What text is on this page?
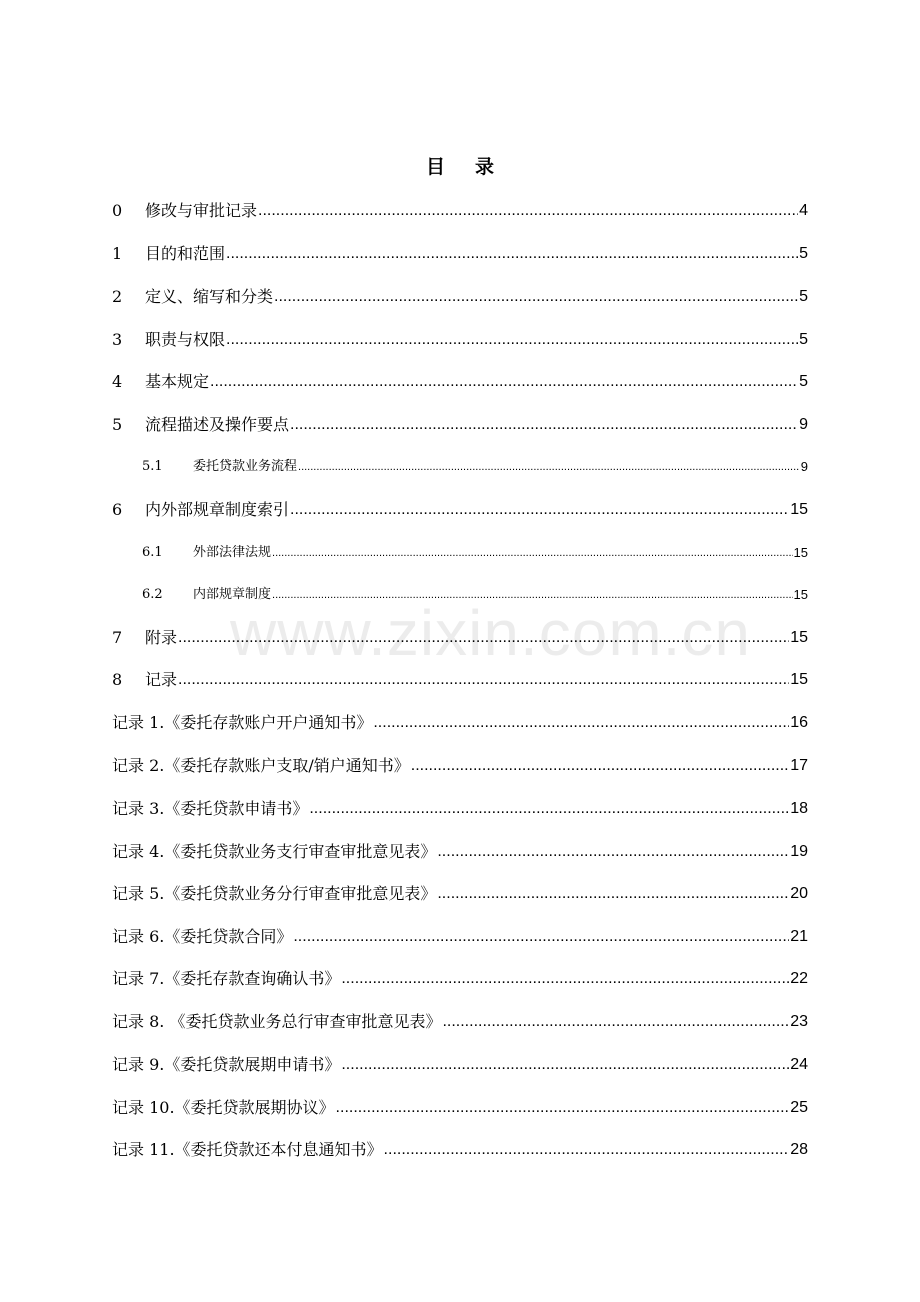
目 录
www.zixin.com.cn
0	修改与审批记录 .....	4
1	目的和范围 .....	5
2	定义、缩写和分类 .....	5
3	职责与权限 .....	5
4	基本规定 .....	5
5	流程描述及操作要点 .....	9
5.1	委托贷款业务流程 .....	9
6	内外部规章制度索引 .....	15
6.1	外部法律法规 .....	15
6.2	内部规章制度 .....	15
7	附录 .....	15
8	记录 .....	15
记录 1.《委托存款账户开户通知书》 .....	16
记录 2.《委托存款账户支取/销户通知书》 .....	17
记录 3.《委托贷款申请书》 .....	18
记录 4.《委托贷款业务支行审查审批意见表》 .....	19
记录 5.《委托贷款业务分行审查审批意见表》 .....	20
记录 6.《委托贷款合同》 .....	21
记录 7.《委托存款查询确认书》 .....	22
记录 8. 《委托贷款业务总行审查审批意见表》 .....	23
记录 9.《委托贷款展期申请书》 .....	24
记录 10.《委托贷款展期协议》 .....	25
记录 11.《委托贷款还本付息通知书》 .....	28
